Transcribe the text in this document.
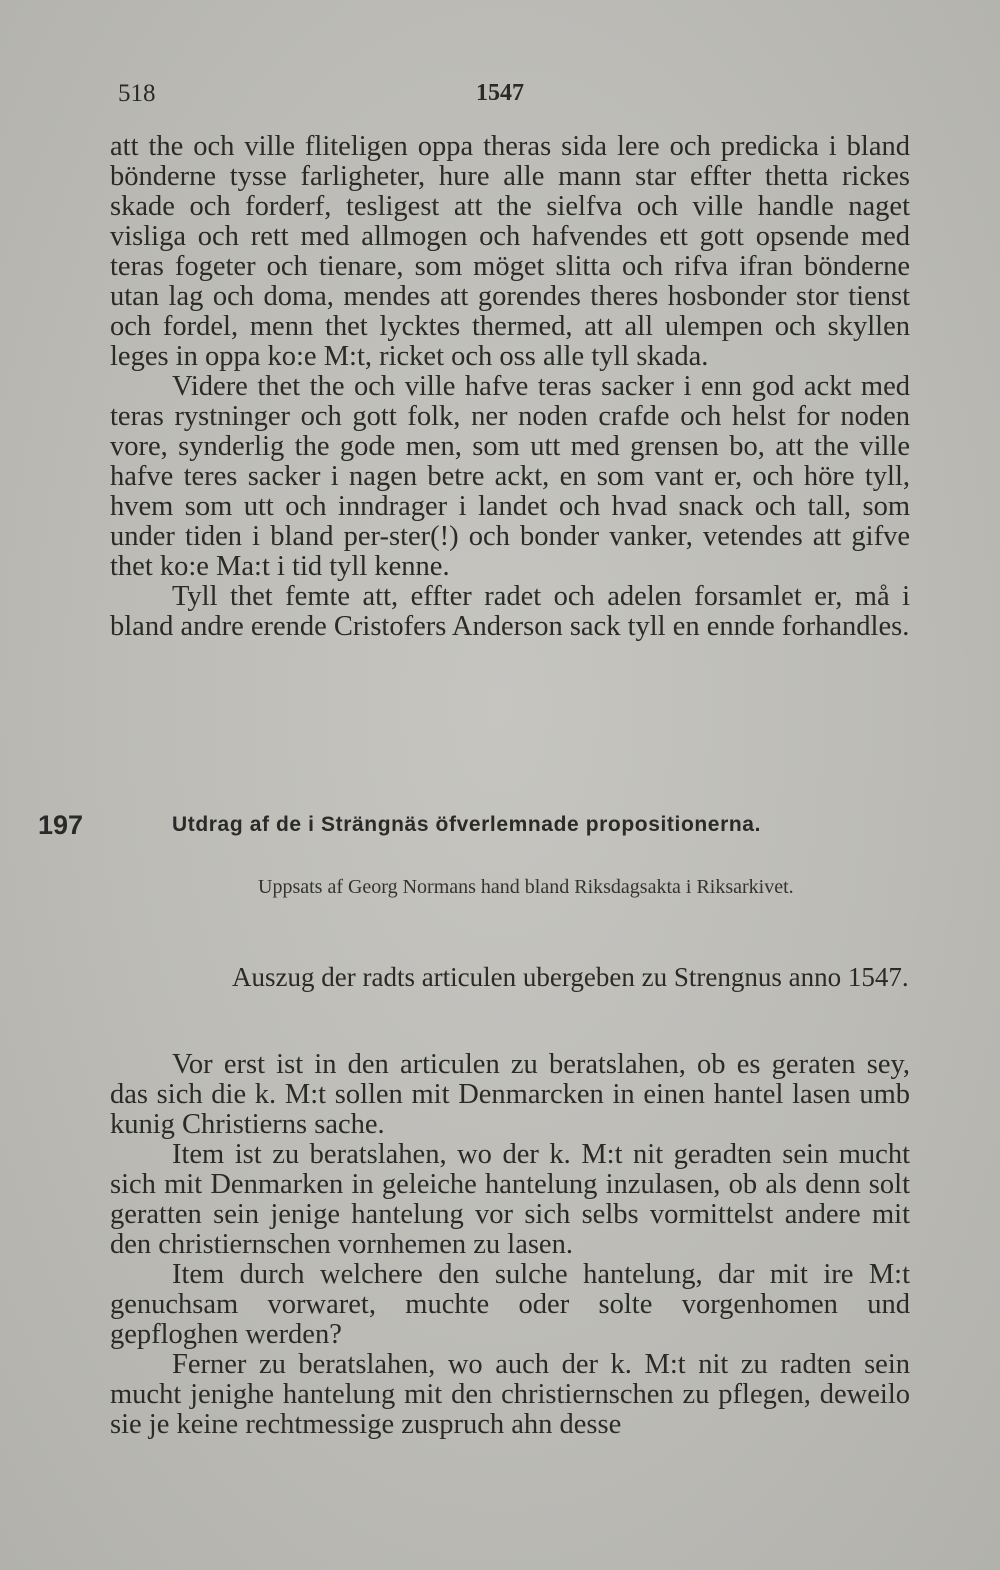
518	1547

att the och ville fliteligen oppa theras sida lere och predicka i bland bönderne tysse farligheter, hure alle mann star effter thetta rickes skade och forderf, tesligest att the sielfva och ville handle naget visliga och rett med allmogen och hafvendes ett gott opsende med teras fogeter och tienare, som möget slitta och rifva ifran bönderne utan lag och doma, mendes att gorendes theres hosbonder stor tienst och fordel, menn thet lycktes thermed, att all ulempen och skyllen leges in oppa ko:e M:t, ricket och oss alle tyll skada.

Videre thet the och ville hafve teras sacker i enn god ackt med teras rystninger och gott folk, ner noden crafde och helst for noden vore, synderlig the gode men, som utt med grensen bo, att the ville hafve teres sacker i nagen betre ackt, en som vant er, och höre tyll, hvem som utt och inndrager i landet och hvad snack och tall, som under tiden i bland per-ster(!) och bonder vanker, vetendes att gifve thet ko:e Ma:t i tid tyll kenne.

Tyll thet femte att, effter radet och adelen forsamlet er, må i bland andre erende Cristofers Anderson sack tyll en ennde forhandles.

197	Utdrag af de i Strängnäs öfverlemnade propositionerna.
Uppsats af Georg Normans hand bland Riksdagsakta i Riksarkivet.
Auszug der radts articulen ubergeben zu Strengnus anno 1547.

Vor erst ist in den articulen zu beratslahen, ob es geraten sey, das sich die k. M:t sollen mit Denmarcken in einen hantel lasen umb kunig Christierns sache.

Item ist zu beratslahen, wo der k. M:t nit geradten sein mucht sich mit Denmarken in geleiche hantelung inzulasen, ob als denn solt geratten sein jenige hantelung vor sich selbs vormittelst andere mit den christiernschen vornhemen zu lasen.

Item durch welchere den sulche hantelung, dar mit ire M:t genuchsam vorwaret, muchte oder solte vorgenhomen und gepfloghen werden?

Ferner zu beratslahen, wo auch der k. M:t nit zu radten sein mucht jenighe hantelung mit den christiernschen zu pflegen, deweilo sie je keine rechtmessige zuspruch ahn desse
